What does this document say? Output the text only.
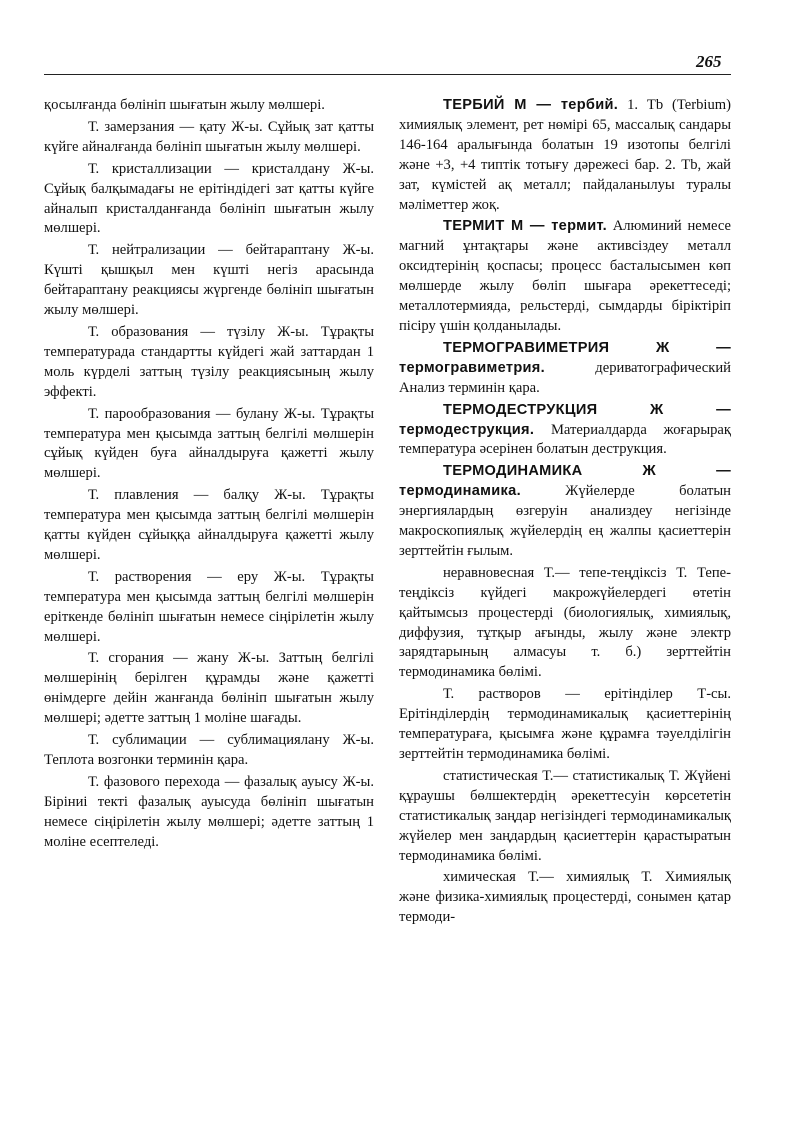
265

қосылғанда бөлініп шығатын жылу мөлшері.

Т. замерзания — қату Ж-ы. Сұйық зат қатты күйге айналғанда бөлініп шығатын жылу мөлшері.

Т. кристаллизации — кристалдану Ж-ы. Сұйық балқымадағы не ерітіндідегі зат қатты күйге айналып кристалданғанда бөлініп шығатын жылу мөлшері.

Т. нейтрализации — бейтараптану Ж-ы. Күшті қышқыл мен күшті негіз арасында бейтараптану реакциясы жүргенде бөлініп шығатын жылу мөлшері.

Т. образования — түзілу Ж-ы. Тұрақты температурада стандартты күйдегі жай заттардан 1 моль күрделі заттың түзілу реакциясының жылу эффекті.

Т. парообразования — булану Ж-ы. Тұрақты температура мен қысымда заттың белгілі мөлшерін сұйық күйден буға айналдыруға қажетті жылу мөлшері.

Т. плавления — балқу Ж-ы. Тұрақты температура мен қысымда заттың белгілі мөлшерін қатты күйден сұйыққа айналдыруға қажетті жылу мөлшері.

Т. растворения — еру Ж-ы. Тұрақты температура мен қысымда заттың белгілі мөлшерін еріткенде бөлініп шығатын немесе сіңірілетін жылу мөлшері.

Т. сгорания — жану Ж-ы. Заттың белгілі мөлшерінің берілген құрамды және қажетті өнімдерге дейін жанғанда бөлініп шығатын жылу мөлшері; әдетте заттың 1 моліне шағады.

Т. сублимации — сублимациялану Ж-ы. Теплота возгонки терминін қара.

Т. фазового перехода — фазалық ауысу Ж-ы. Біріниі текті фазалық ауысуда бөлініп шығатын немесе сіңірілетін жылу мөлшері; әдетте заттың 1 моліне есептеледі.

ТЕРБИЙ М — тербий. 1. Tb (Terbium) химиялық элемент, рет нөмірі 65, массалық сандары 146-164 аралығында болатын 19 изотопы белгілі және +3, +4 типтік тотығу дәрежесі бар. 2. Tb, жай зат, күмістей ақ металл; пайдаланылуы туралы мәліметтер жоқ.

ТЕРМИТ М — термит. Алюминий немесе магний ұнтақтары және активсіздеу металл оксидтерінің қоспасы; процесс басталысымен көп мөлшерде жылу бөліп шығара әрекеттеседі; металлотермияда, рельстерді, сымдарды біріктіріп пісіру үшін қолданылады.

ТЕРМОГРАВИМЕТРИЯ Ж — термогравиметрия. дериватографический Анализ терминін қара.

ТЕРМОДЕСТРУКЦИЯ Ж — термодеструкция. Материалдарда жоғарырақ температура әсерінен болатын деструкция.

ТЕРМОДИНАМИКА Ж — термодинамика. Жүйелерде болатын энергиялардың өзгеруін анализдеу негізінде макроскопиялық жүйелердің ең жалпы қасиеттерін зерттейтін ғылым.

неравновесная Т.— тепе-теңдіксіз Т. Тепе-теңдіксіз күйдегі макрожүйелердегі өтетін қайтымсыз процестерді (биологиялық, химиялық, диффузия, тұтқыр ағынды, жылу және электр зарядтарының алмасуы т. б.) зерттейтін термодинамика бөлімі.

Т. растворов — ерітінділер Т-сы. Ерітінділердің термодинамикалық қасиеттерінің температураға, қысымға және құрамға тәуелділігін зерттейтін термодинамика бөлімі.

статистическая Т.— статистикалық Т. Жүйені құраушы бөлшектердің әрекеттесуін көрсететін статистикалық заңдар негізіндегі термодинамикалық жүйелер мен заңдардың қасиеттерін қарастыратын термодинамика бөлімі.

химическая Т.— химиялық Т. Химиялық және физика-химиялық процестерді, сонымен қатар термоди-
